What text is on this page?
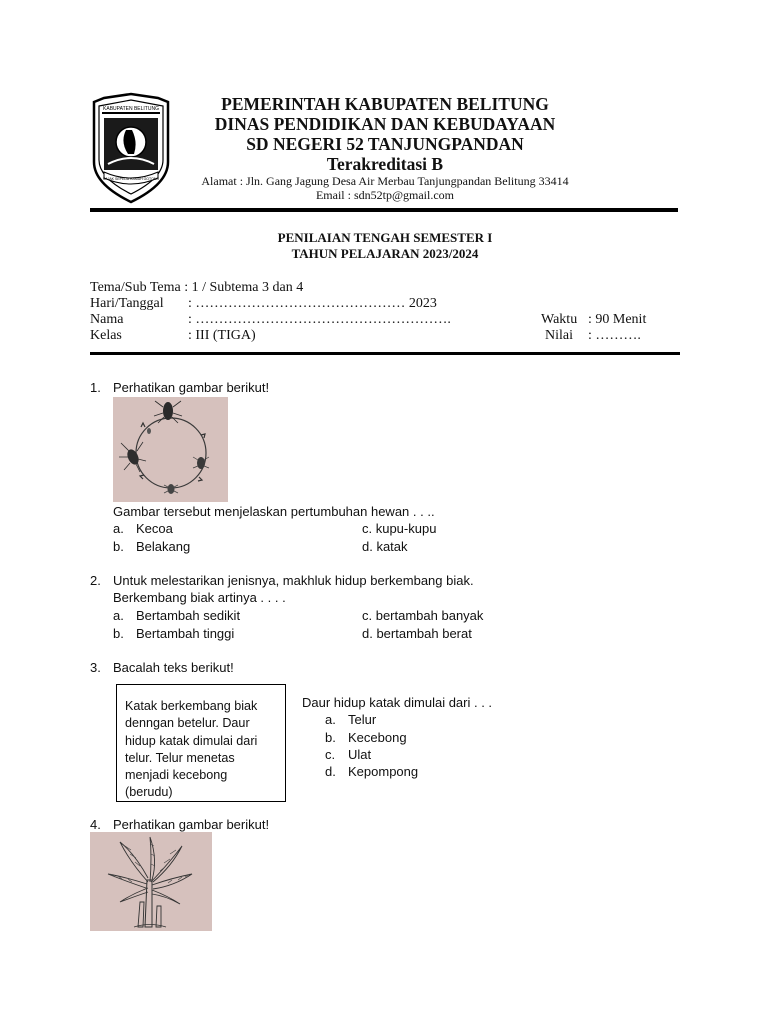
KABUPATEN BELITUNG
SAJAK SEPEDA RAMAH GOTONG
PEMERINTAH KABUPATEN BELITUNG
DINAS PENDIDIKAN DAN KEBUDAYAAN
SD NEGERI 52 TANJUNGPANDAN
Terakreditasi B
Alamat : Jln. Gang Jagung Desa Air Merbau Tanjungpandan Belitung 33414
Email : sdn52tp@gmail.com
PENILAIAN TENGAH SEMESTER I
TAHUN PELAJARAN 2023/2024
Tema/Sub Tema : 1 / Subtema 3 dan 4
Hari/Tanggal : ……………………………………… 2023
Nama	: ……………………………………………….	Waktu : 90 Menit
Kelas	: III (TIGA)	Nilai : ……….
1. Perhatikan gambar berikut!
Gambar tersebut menjelaskan pertumbuhan hewan . . ..
a. Kecoa
b. Belakang
c. kupu-kupu
d. katak
2. Untuk melestarikan jenisnya, makhluk hidup berkembang biak.
Berkembang biak artinya . . . .
a. Bertambah sedikit
b. Bertambah tinggi
c. bertambah banyak
d. bertambah berat
3. Bacalah teks berikut!
Katak berkembang biak denngan betelur. Daur hidup katak dimulai dari telur. Telur menetas menjadi kecebong (berudu)
Daur hidup katak dimulai dari . . .
a. Telur
b. Kecebong
c. Ulat
d. Kepompong
4. Perhatikan gambar berikut!
